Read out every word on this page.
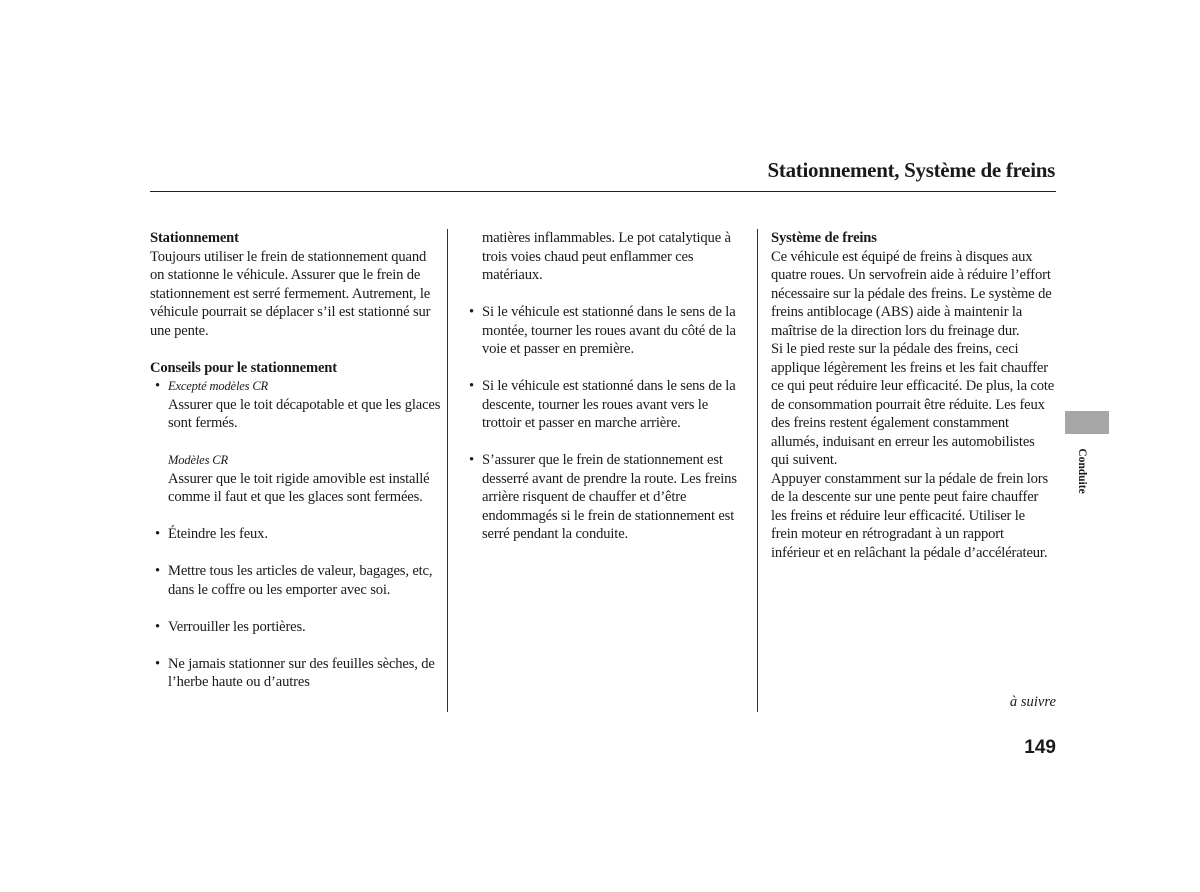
Stationnement, Système de freins

Stationnement

Toujours utiliser le frein de stationnement quand on stationne le véhicule. Assurer que le frein de stationnement est serré fermement. Autrement, le véhicule pourrait se déplacer s’il est stationné sur une pente.

Conseils pour le stationnement

• Excepté modèles CR
Assurer que le toit décapotable et que les glaces sont fermés.
Modèles CR
Assurer que le toit rigide amovible est installé comme il faut et que les glaces sont fermées.
• Éteindre les feux.
• Mettre tous les articles de valeur, bagages, etc, dans le coffre ou les emporter avec soi.
• Verrouiller les portières.
• Ne jamais stationner sur des feuilles sèches, de l’herbe haute ou d’autres
matières inflammables. Le pot catalytique à trois voies chaud peut enflammer ces matériaux.
• Si le véhicule est stationné dans le sens de la montée, tourner les roues avant du côté de la voie et passer en première.
• Si le véhicule est stationné dans le sens de la descente, tourner les roues avant vers le trottoir et passer en marche arrière.
• S’assurer que le frein de stationnement est desserré avant de prendre la route. Les freins arrière risquent de chauffer et d’être endommagés si le frein de stationnement est serré pendant la conduite.

Système de freins

Ce véhicule est équipé de freins à disques aux quatre roues. Un servofrein aide à réduire l’effort nécessaire sur la pédale des freins. Le système de freins antiblocage (ABS) aide à maintenir la maîtrise de la direction lors du freinage dur.

Si le pied reste sur la pédale des freins, ceci applique légèrement les freins et les fait chauffer ce qui peut réduire leur efficacité. De plus, la cote de consommation pourrait être réduite. Les feux des freins restent également constamment allumés, induisant en erreur les automobilistes qui suivent.

Appuyer constamment sur la pédale de frein lors de la descente sur une pente peut faire chauffer les freins et réduire leur efficacité. Utiliser le frein moteur en rétrogradant à un rapport inférieur et en relâchant la pédale d’accélérateur.

Conduite
à suivre
149
